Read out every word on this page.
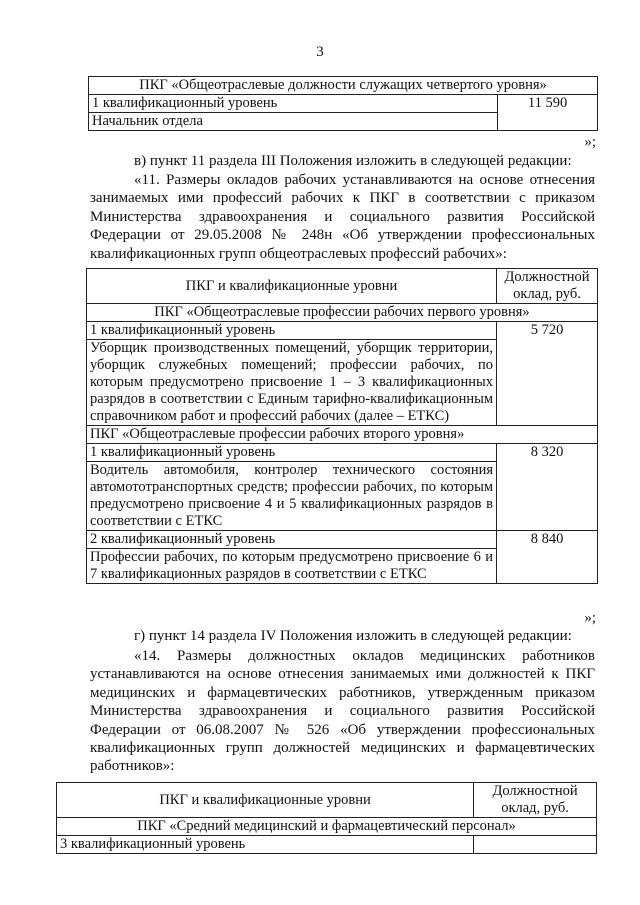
3
ПКГ «Общеотраслевые должности служащих четвертого уровня»
1 квалификационный уровень	11 590
Начальник отдела
»;
в) пункт 11 раздела III Положения изложить в следующей редакции:
«11. Размеры окладов рабочих устанавливаются на основе отнесения занимаемых ими профессий рабочих к ПКГ в соответствии с приказом Министерства здравоохранения и социального развития Российской Федерации от 29.05.2008 № 248н «Об утверждении профессиональных квалификационных групп общеотраслевых профессий рабочих»:
ПКГ и квалификационные уровни	Должностной
оклад, руб.

ПКГ «Общеотраслевые профессии рабочих первого уровня»	
1 квалификационный уровень	5 720
Уборщик производственных помещений, уборщик территории, уборщик служебных помещений; профессии рабочих, по которым предусмотрено присвоение 1 – 3 квалификационных разрядов в соответствии с Единым тарифно-квалификационным справочником работ и профессий рабочих (далее – ЕТКС)	
ПКГ «Общеотраслевые профессии рабочих второго уровня»	
1 квалификационный уровень	8 320
Водитель автомобиля, контролер технического состояния автомототранспортных средств; профессии рабочих, по которым предусмотрено присвоение 4 и 5 квалификационных разрядов в соответствии с ЕТКС	
2 квалификационный уровень	8 840
Профессии рабочих, по которым предусмотрено присвоение 6 и 7 квалификационных разрядов в соответствии с ЕТКС	
»;
г) пункт 14 раздела IV Положения изложить в следующей редакции:
«14. Размеры должностных окладов медицинских работников устанавливаются на основе отнесения занимаемых ими должностей к ПКГ медицинских и фармацевтических работников, утвержденным приказом Министерства здравоохранения и социального развития Российской Федерации от 06.08.2007 № 526 «Об утверждении профессиональных квалификационных групп должностей медицинских и фармацевтических работников»:
ПКГ и квалификационные уровни	Должностной
оклад, руб.

ПКГ «Средний медицинский и фармацевтический персонал»	
3 квалификационный уровень	
